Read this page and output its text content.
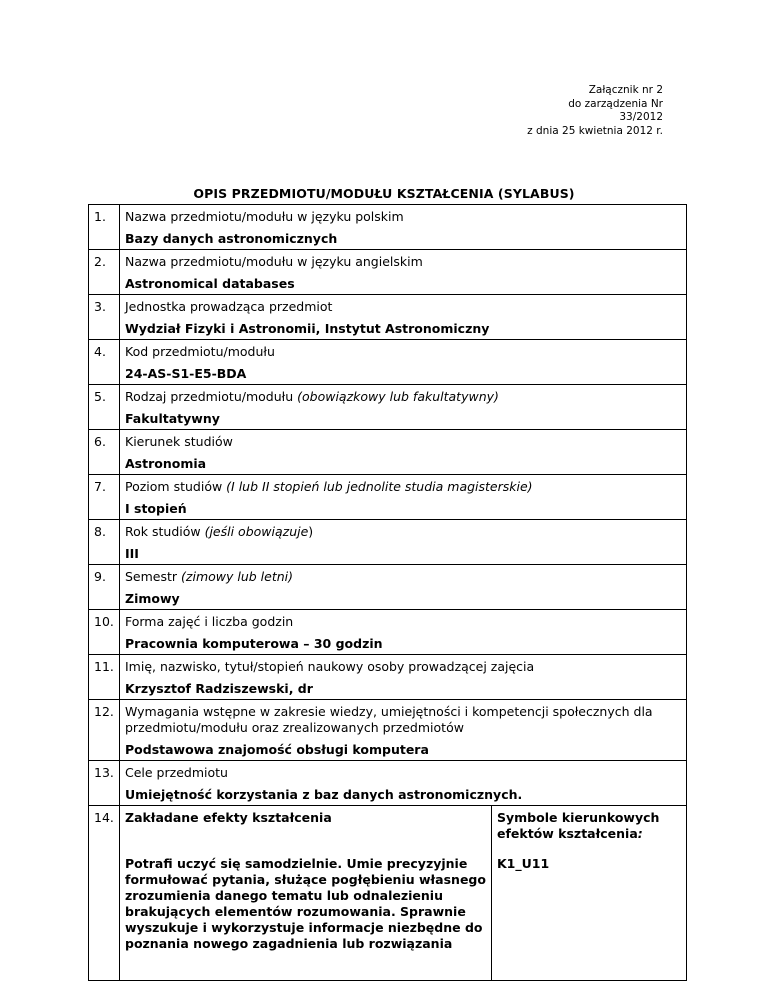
Załącznik nr 2
do zarządzenia Nr
33/2012
z dnia 25 kwietnia 2012 r.
OPIS PRZEDMIOTU/MODUŁU KSZTAŁCENIA (SYLABUS)
1.	Nazwa przedmiotu/modułu w języku polskim
Bazy danych astronomicznych	

2.	Nazwa przedmiotu/modułu w języku angielskim
Astronomical databases	

3.	Jednostka prowadząca przedmiot
Wydział Fizyki i Astronomii, Instytut Astronomiczny	

4.	Kod przedmiotu/modułu
24-AS-S1-E5-BDA	

5.	Rodzaj przedmiotu/modułu (obowiązkowy lub fakultatywny)
Fakultatywny	

6.	Kierunek studiów
Astronomia	

7.	Poziom studiów (I lub II stopień lub jednolite studia magisterskie)
I stopień	

8.	Rok studiów (jeśli obowiązuje)
III	

9.	Semestr (zimowy lub letni)
Zimowy	

10.	Forma zajęć i liczba godzin
Pracownia komputerowa – 30 godzin	

11.	Imię, nazwisko, tytuł/stopień naukowy osoby prowadzącej zajęcia
Krzysztof Radziszewski, dr	

12.	Wymagania wstępne w zakresie wiedzy, umiejętności i kompetencji społecznych dla przedmiotu/modułu oraz zrealizowanych przedmiotów
Podstawowa znajomość obsługi komputera	

13.	Cele przedmiotu
Umiejętność korzystania z baz danych astronomicznych.	

14.	Zakładane efekty kształcenia	Symbole kierunkowych efektów kształcenia:

	Potrafi uczyć się samodzielnie. Umie precyzyjnie formułować pytania, służące pogłębieniu własnego zrozumienia danego tematu lub odnalezieniu brakujących elementów rozumowania. Sprawnie wyszukuje i wykorzystuje informacje niezbędne do poznania nowego zagadnienia lub rozwiązania	K1_U11
